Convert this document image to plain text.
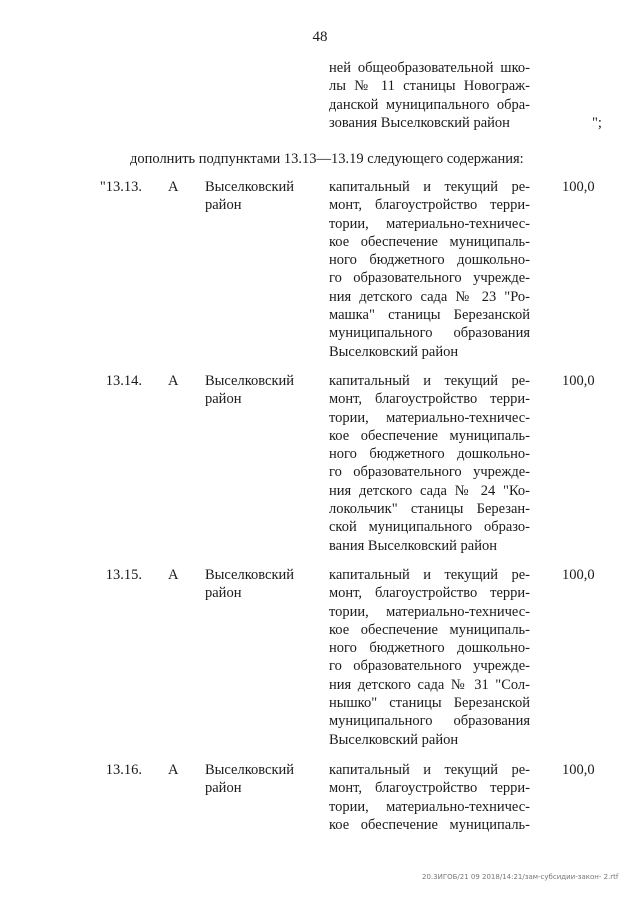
48
ней общеобразовательной шко-
лы № 11 станицы Новограж-
данской муниципального обра-
зования Выселковский район	";
дополнить подпунктами 13.13—13.19 следующего содержания:
"13.13. А Выселковский
район
капитальный и текущий ре-
монт, благоустройство терри-
тории, материально-техничес-
кое обеспечение муниципаль-
ного бюджетного дошкольно-
го образовательного учрежде-
ния детского сада № 23 "Ро-
машка" станицы Березанской
муниципального образования
Выселковский район
100,0
13.14. А Выселковский
район
капитальный и текущий ре-
монт, благоустройство терри-
тории, материально-техничес-
кое обеспечение муниципаль-
ного бюджетного дошкольно-
го образовательного учрежде-
ния детского сада № 24 "Ко-
локольчик" станицы Березан-
ской муниципального образо-
вания Выселковский район
100,0
13.15. А Выселковский
район
капитальный и текущий ре-
монт, благоустройство терри-
тории, материально-техничес-
кое обеспечение муниципаль-
ного бюджетного дошкольно-
го образовательного учрежде-
ния детского сада № 31 "Сол-
нышко" станицы Березанской
муниципального образования
Выселковский район
100,0
13.16. А Выселковский
район
капитальный и текущий ре-
монт, благоустройство терри-
тории, материально-техничес-
кое обеспечение муниципаль-
100,0
20.3ИГОБ/21 09 2018/14:21/зам-субсидии-закон- 2.rtf
